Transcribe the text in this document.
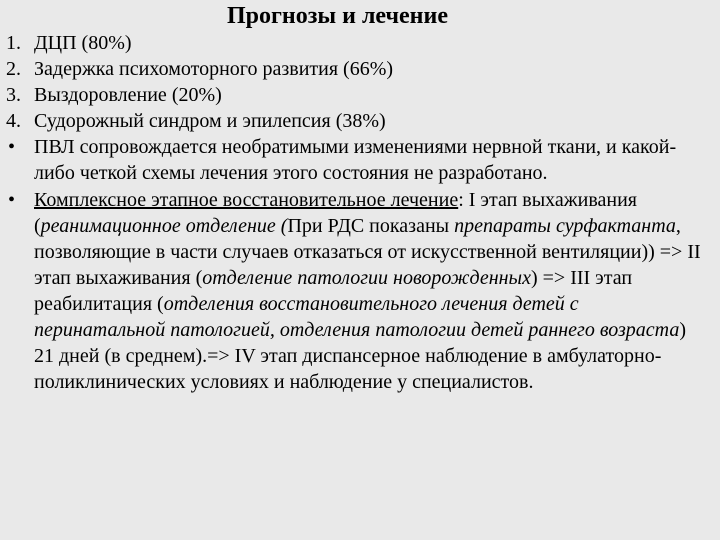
Прогнозы и лечение
1. ДЦП (80%)
2. Задержка психомоторного развития (66%)
3. Выздоровление (20%)
4. Судорожный синдром и эпилепсия (38%)
• ПВЛ сопровождается необратимыми изменениями нервной ткани, и какой-либо четкой схемы лечения этого состояния не разработано.
• Комплексное этапное восстановительное лечение: I этап выхаживания (реанимационное отделение (При РДС показаны препараты сурфактанта, позволяющие в части случаев отказаться от искусственной вентиляции)) => II этап выхаживания (отделение патологии новорожденных) => III этап реабилитация (отделения восстановительного лечения детей с перинатальной патологией, отделения патологии детей раннего возраста) 21 дней (в среднем).=> IV этап диспансерное наблюдение в амбулаторно-поликлинических условиях и наблюдение у специалистов.
